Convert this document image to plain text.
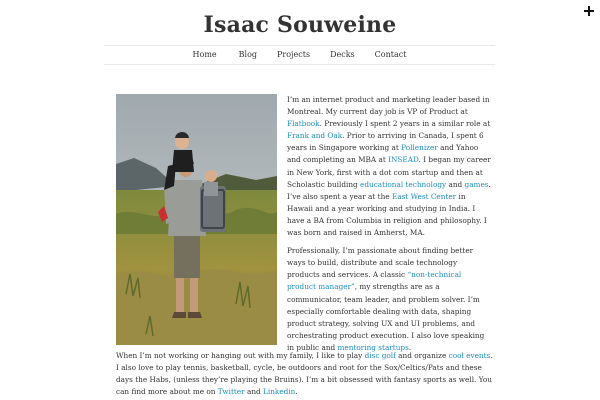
Isaac Souweine
Home	Blog	Projects	Decks	Contact

I’m an internet product and marketing leader based in Montreal. My current day job is VP of Product at Flatbook. Previously I spent 2 years in a similar role at Frank and Oak. Prior to arriving in Canada, I spent 6 years in Singapore working at Pollenizer and Yahoo and completing an MBA at INSEAD. I began my career in New York, first with a dot com startup and then at Scholastic building educational technology and games. I’ve also spent a year at the East West Center in Hawaii and a year working and studying in India. I have a BA from Columbia in religion and philosophy. I was born and raised in Amherst, MA.

Professionally, I’m passionate about finding better ways to build, distribute and scale technology products and services. A classic “non-technical product manager”, my strengths are as a communicator, team leader, and problem solver. I’m especially comfortable dealing with data, shaping product strategy, solving UX and UI problems, and orchestrating product execution. I also love speaking in public and mentoring startups.

When I’m not working or hanging out with my family, I like to play disc golf and organize cool events. I also love to play tennis, basketball, cycle, be outdoors and root for the Sox/Celtics/Pats and these days the Habs, (unless they’re playing the Bruins). I’m a bit obsessed with fantasy sports as well. You can find more about me on Twitter and Linkedin.
